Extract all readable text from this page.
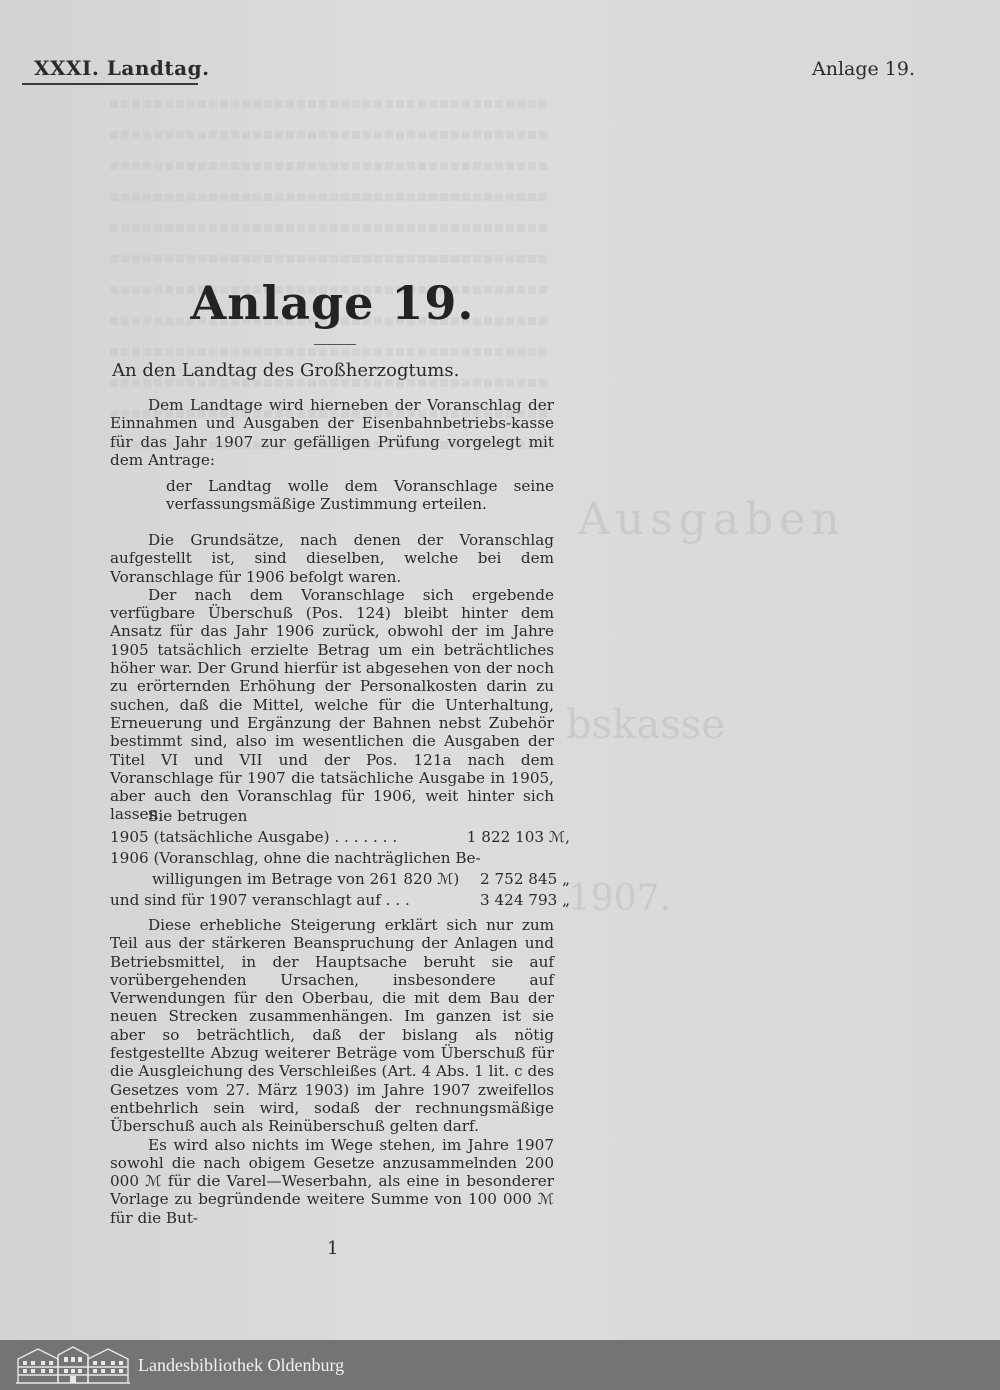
Ausgaben
bskasse
1907.
XXXI. Landtag.	Anlage 19.
Anlage 19.
An den Landtag des Großherzogtums.

Dem Landtage wird hierneben der Voranschlag der Einnahmen und Ausgaben der Eisenbahnbetriebs-kasse für das Jahr 1907 zur gefälligen Prüfung vorgelegt mit dem Antrage:

der Landtag wolle dem Voranschlage seine verfassungsmäßige Zustimmung erteilen.

Die Grundsätze, nach denen der Voranschlag aufgestellt ist, sind dieselben, welche bei dem Voranschlage für 1906 befolgt waren.

Der nach dem Voranschlage sich ergebende verfügbare Überschuß (Pos. 124) bleibt hinter dem Ansatz für das Jahr 1906 zurück, obwohl der im Jahre 1905 tatsächlich erzielte Betrag um ein beträchtliches höher war. Der Grund hierfür ist abgesehen von der noch zu erörternden Erhöhung der Personalkosten darin zu suchen, daß die Mittel, welche für die Unterhaltung, Erneuerung und Ergänzung der Bahnen nebst Zubehör bestimmt sind, also im wesentlichen die Ausgaben der Titel VI und VII und der Pos. 121a nach dem Voranschlage für 1907 die tatsächliche Ausgabe in 1905, aber auch den Voranschlag für 1906, weit hinter sich lassen.

Sie betrugen
1905 (tatsächliche Ausgabe) . . . . . . .	1 822 103 ℳ,
1906 (Voranschlag, ohne die nachträglichen Be-
willigungen im Betrage von 261 820 ℳ)	2 752 845 „
und sind für 1907 veranschlagt auf . . .	3 424 793 „

Diese erhebliche Steigerung erklärt sich nur zum Teil aus der stärkeren Beanspruchung der Anlagen und Betriebsmittel, in der Hauptsache beruht sie auf vorübergehenden Ursachen, insbesondere auf Verwendungen für den Oberbau, die mit dem Bau der neuen Strecken zusammenhängen. Im ganzen ist sie aber so beträchtlich, daß der bislang als nötig festgestellte Abzug weiterer Beträge vom Überschuß für die Ausgleichung des Verschleißes (Art. 4 Abs. 1 lit. c des Gesetzes vom 27. März 1903) im Jahre 1907 zweifellos entbehrlich sein wird, sodaß der rechnungsmäßige Überschuß auch als Reinüberschuß gelten darf.

Es wird also nichts im Wege stehen, im Jahre 1907 sowohl die nach obigem Gesetze anzusammelnden 200 000 ℳ für die Varel—Weserbahn, als eine in besonderer Vorlage zu begründende weitere Summe von 100 000 ℳ für die But-

1
Landesbibliothek Oldenburg
